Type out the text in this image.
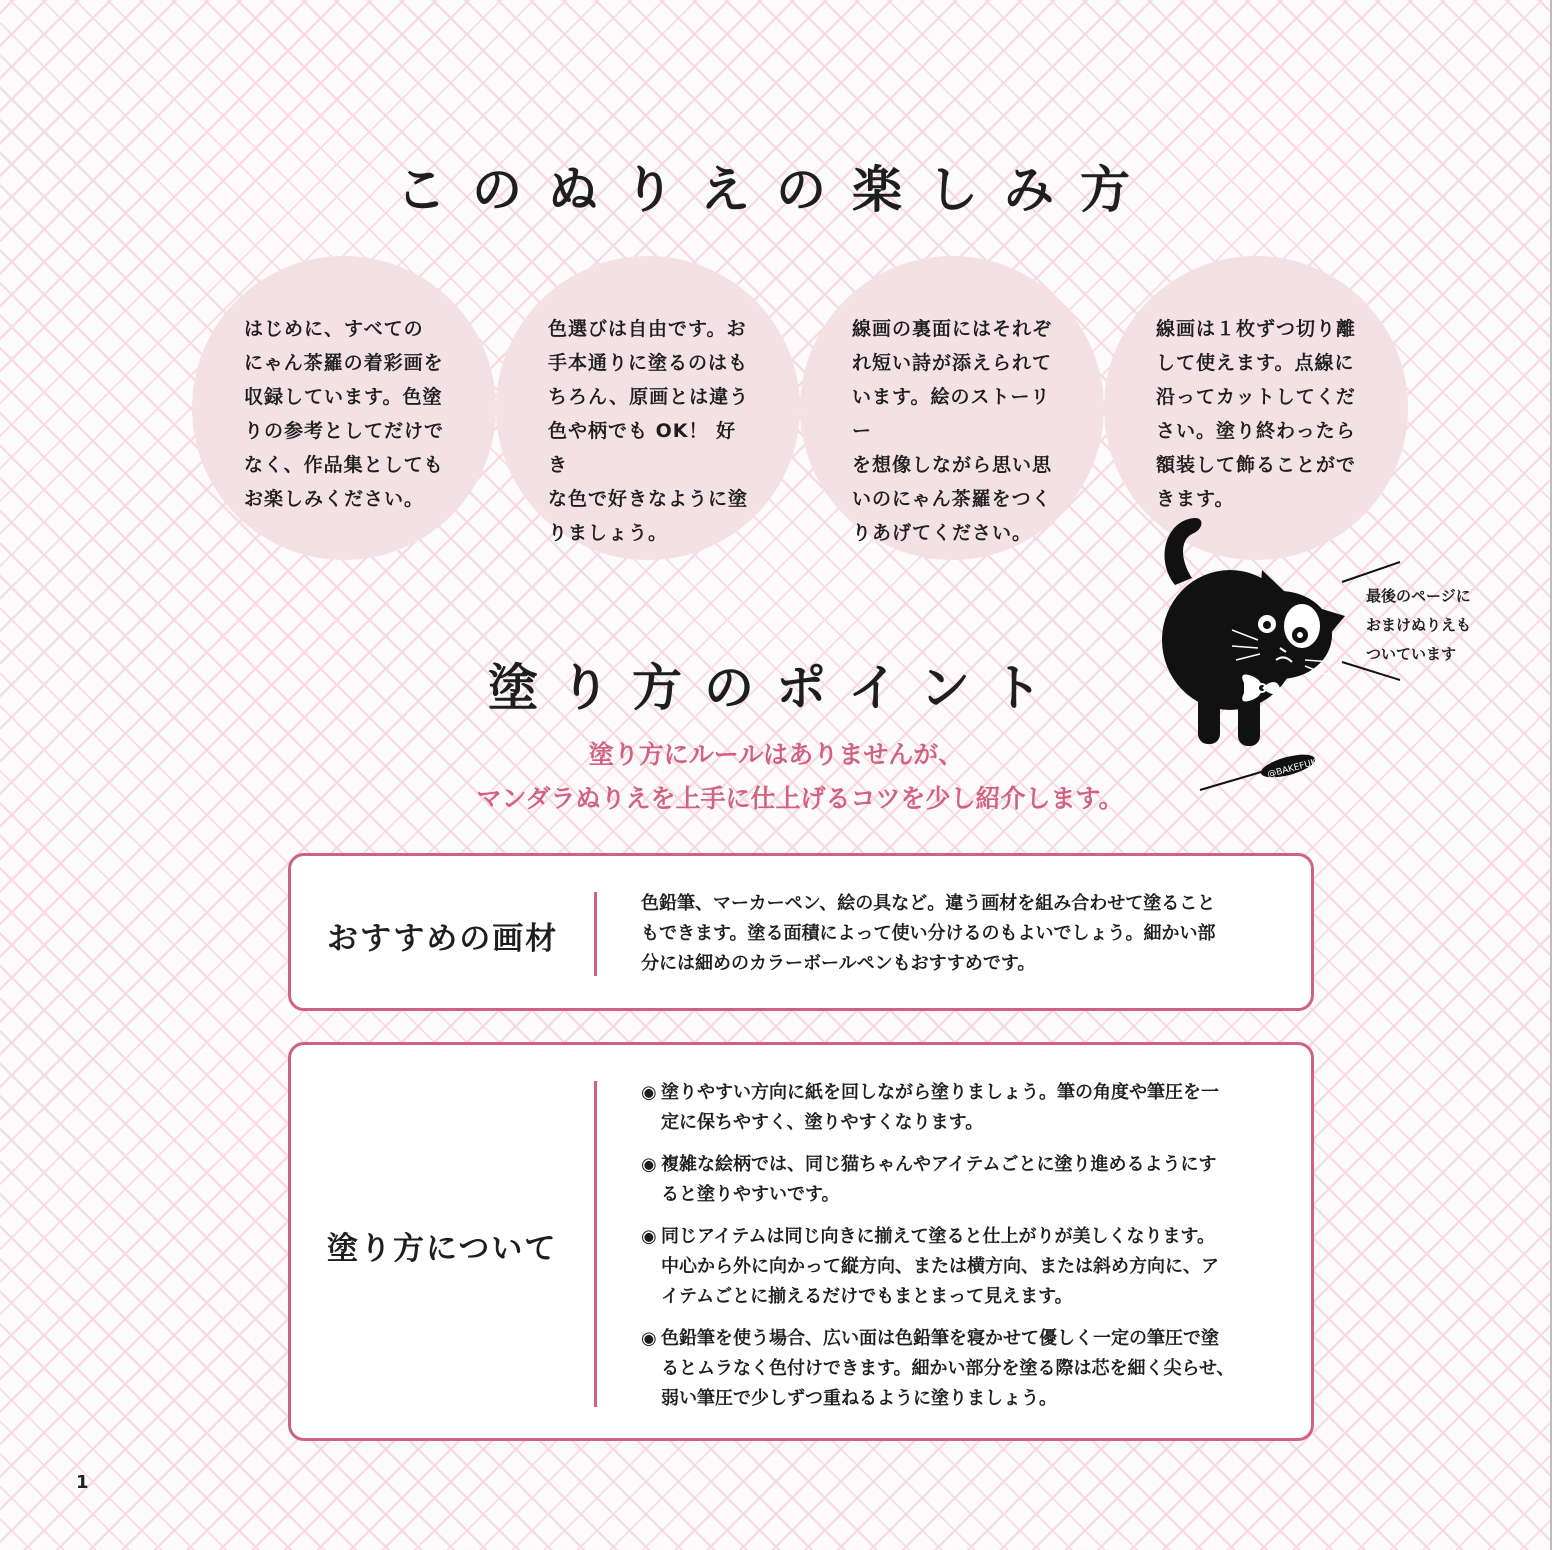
このぬりえの楽しみ方

はじめに、すべての

にゃん茶羅の着彩画を

収録しています。色塗

りの参考としてだけで

なく、作品集としても

お楽しみください。

色選びは自由です。お

手本通りに塗るのはも

ちろん、原画とは違う

色や柄でも OK！ 好き

な色で好きなように塗

りましょう。

線画の裏面にはそれぞ

れ短い詩が添えられて

います。絵のストーリー

を想像しながら思い思

いのにゃん茶羅をつく

りあげてください。

線画は１枚ずつ切り離

して使えます。点線に

沿ってカットしてくだ

さい。塗り終わったら

額装して飾ることがで

きます。

@BAKEFUKO
最後のページに
おまけぬりえも
ついています
塗り方のポイント
塗り方にルールはありませんが、
マンダラぬりえを上手に仕上げるコツを少し紹介します。
おすすめの画材
色鉛筆、マーカーペン、絵の具など。違う画材を組み合わせて塗ること
もできます。塗る面積によって使い分けるのもよいでしょう。細かい部
分には細めのカラーボールペンもおすすめです。
塗り方について
◉ 塗りやすい方向に紙を回しながら塗りましょう。筆の角度や筆圧を一
定に保ちやすく、塗りやすくなります。
◉ 複雑な絵柄では、同じ猫ちゃんやアイテムごとに塗り進めるようにす
ると塗りやすいです。
◉ 同じアイテムは同じ向きに揃えて塗ると仕上がりが美しくなります。
中心から外に向かって縦方向、または横方向、または斜め方向に、ア
イテムごとに揃えるだけでもまとまって見えます。
◉ 色鉛筆を使う場合、広い面は色鉛筆を寝かせて優しく一定の筆圧で塗
るとムラなく色付けできます。細かい部分を塗る際は芯を細く尖らせ、
弱い筆圧で少しずつ重ねるように塗りましょう。
1
